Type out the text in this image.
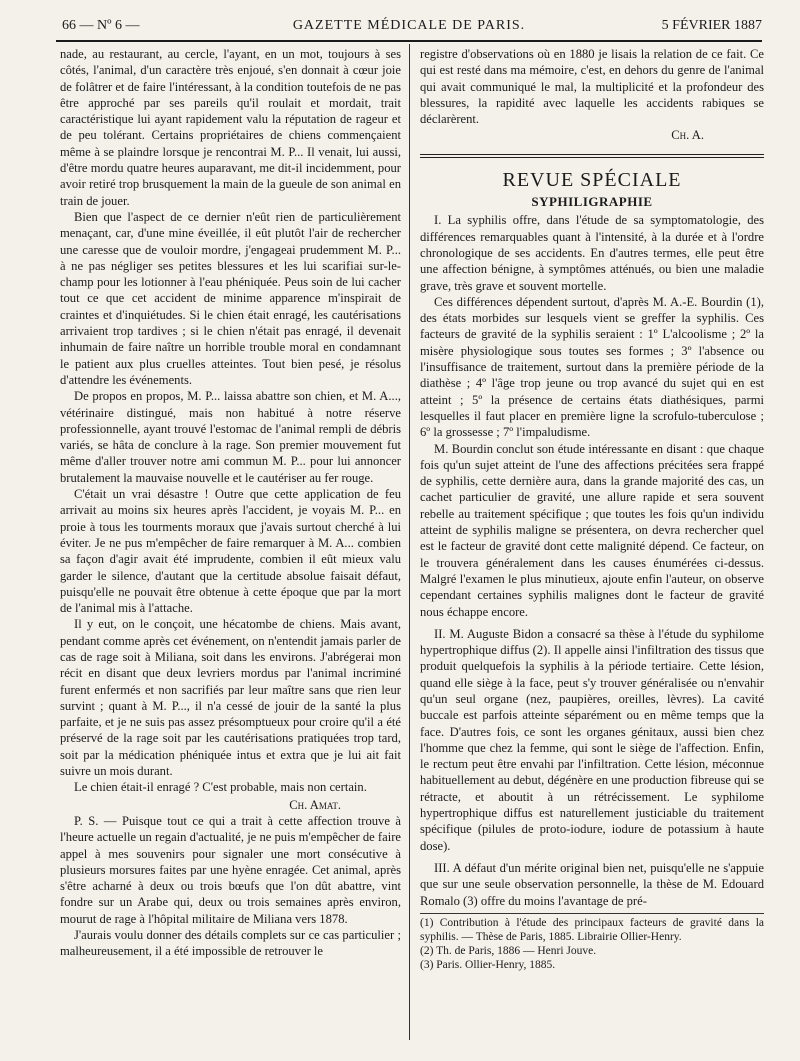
66 — Nº 6 —	GAZETTE MÉDICALE DE PARIS.	5 FÉVRIER 1887

nade, au restaurant, au cercle, l'ayant, en un mot, toujours à ses côtés, l'animal, d'un caractère très enjoué, s'en donnait à cœur joie de folâtrer et de faire l'intéressant, à la condition toutefois de ne pas être approché par ses pareils qu'il roulait et mordait, trait caractéristique lui ayant rapidement valu la réputation de rageur et de peu tolérant. Certains propriétaires de chiens commençaient même à se plaindre lorsque je rencontrai M. P... Il venait, lui aussi, d'être mordu quatre heures auparavant, me dit-il incidemment, pour avoir retiré trop brusquement la main de la gueule de son animal en train de jouer.

Bien que l'aspect de ce dernier n'eût rien de particulièrement menaçant, car, d'une mine éveillée, il eût plutôt l'air de rechercher une caresse que de vouloir mordre, j'engageai prudemment M. P... à ne pas négliger ses petites blessures et les lui scarifiai sur-le-champ pour les lotionner à l'eau phéniquée. Peus soin de lui cacher tout ce que cet accident de minime apparence m'inspirait de craintes et d'inquiétudes. Si le chien était enragé, les cautérisations arrivaient trop tardives ; si le chien n'était pas enragé, il devenait inhumain de faire naître un horrible trouble moral en condamnant le patient aux plus cruelles atteintes. Tout bien pesé, je résolus d'attendre les événements.

De propos en propos, M. P... laissa abattre son chien, et M. A..., vétérinaire distingué, mais non habitué à notre réserve professionnelle, ayant trouvé l'estomac de l'animal rempli de débris variés, se hâta de conclure à la rage. Son premier mouvement fut même d'aller trouver notre ami commun M. P... pour lui annoncer brutalement la mauvaise nouvelle et le cautériser au fer rouge.

C'était un vrai désastre ! Outre que cette application de feu arrivait au moins six heures après l'accident, je voyais M. P... en proie à tous les tourments moraux que j'avais surtout cherché à lui éviter. Je ne pus m'empêcher de faire remarquer à M. A... combien sa façon d'agir avait été imprudente, combien il eût mieux valu garder le silence, d'autant que la certitude absolue faisait défaut, puisqu'elle ne pouvait être obtenue à cette époque que par la mort de l'animal mis à l'attache.

Il y eut, on le conçoit, une hécatombe de chiens. Mais avant, pendant comme après cet événement, on n'entendit jamais parler de cas de rage soit à Miliana, soit dans les environs. J'abrégerai mon récit en disant que deux levriers mordus par l'animal incriminé furent enfermés et non sacrifiés par leur maître sans que rien leur survint ; quant à M. P..., il n'a cessé de jouir de la santé la plus parfaite, et je ne suis pas assez présomptueux pour croire qu'il a été préservé de la rage soit par les cautérisations pratiquées trop tard, soit par la médication phéniquée intus et extra que je lui ait fait suivre un mois durant.

Le chien était-il enragé ? C'est probable, mais non certain.

Ch. Amat.

P. S. — Puisque tout ce qui a trait à cette affection trouve à l'heure actuelle un regain d'actualité, je ne puis m'empêcher de faire appel à mes souvenirs pour signaler une mort consécutive à plusieurs morsures faites par une hyène enragée. Cet animal, après s'être acharné à deux ou trois bœufs que l'on dût abattre, vint fondre sur un Arabe qui, deux ou trois semaines après environ, mourut de rage à l'hôpital militaire de Miliana vers 1878.

J'aurais voulu donner des détails complets sur ce cas particulier ; malheureusement, il a été impossible de retrouver le

registre d'observations où en 1880 je lisais la relation de ce fait. Ce qui est resté dans ma mémoire, c'est, en dehors du genre de l'animal qui avait communiqué le mal, la multiplicité et la profondeur des blessures, la rapidité avec laquelle les accidents rabiques se déclarèrent.

Ch. A.
REVUE SPÉCIALE
SYPHILIGRAPHIE

I. La syphilis offre, dans l'étude de sa symptomatologie, des différences remarquables quant à l'intensité, à la durée et à l'ordre chronologique de ses accidents. En d'autres termes, elle peut être une affection bénigne, à symptômes atténués, ou bien une maladie grave, très grave et souvent mortelle.

Ces différences dépendent surtout, d'après M. A.-E. Bourdin (1), des états morbides sur lesquels vient se greffer la syphilis. Ces facteurs de gravité de la syphilis seraient : 1º L'alcoolisme ; 2º la misère physiologique sous toutes ses formes ; 3º l'absence ou l'insuffisance de traitement, surtout dans la première période de la diathèse ; 4º l'âge trop jeune ou trop avancé du sujet qui en est atteint ; 5º la présence de certains états diathésiques, parmi lesquelles il faut placer en première ligne la scrofulo-tuberculose ; 6º la grossesse ; 7º l'impaludisme.

M. Bourdin conclut son étude intéressante en disant : que chaque fois qu'un sujet atteint de l'une des affections précitées sera frappé de syphilis, cette dernière aura, dans la grande majorité des cas, un cachet particulier de gravité, une allure rapide et sera souvent rebelle au traitement spécifique ; que toutes les fois qu'un individu atteint de syphilis maligne se présentera, on devra rechercher quel est le facteur de gravité dont cette malignité dépend. Ce facteur, on le trouvera généralement dans les causes énumérées ci-dessus. Malgré l'examen le plus minutieux, ajoute enfin l'auteur, on observe cependant certaines syphilis malignes dont le facteur de gravité nous échappe encore.

II. M. Auguste Bidon a consacré sa thèse à l'étude du syphilome hypertrophique diffus (2). Il appelle ainsi l'infiltration des tissus que produit quelquefois la syphilis à la période tertiaire. Cette lésion, quand elle siège à la face, peut s'y trouver généralisée ou n'envahir qu'un seul organe (nez, paupières, oreilles, lèvres). La cavité buccale est parfois atteinte séparément ou en même temps que la face. D'autres fois, ce sont les organes génitaux, aussi bien chez l'homme que chez la femme, qui sont le siège de l'affection. Enfin, le rectum peut être envahi par l'infiltration. Cette lésion, méconnue habituellement au debut, dégénère en une production fibreuse qui se rétracte, et aboutit à un rétrécissement. Le syphilome hypertrophique diffus est naturellement justiciable du traitement spécifique (pilules de proto-iodure, iodure de potassium à haute dose).

III. A défaut d'un mérite original bien net, puisqu'elle ne s'appuie que sur une seule observation personnelle, la thèse de M. Edouard Romalo (3) offre du moins l'avantage de pré-

(1) Contribution à l'étude des principaux facteurs de gravité dans la syphilis. — Thèse de Paris, 1885. Librairie Ollier-Henry.

(2) Th. de Paris, 1886 — Henri Jouve.

(3) Paris. Ollier-Henry, 1885.
